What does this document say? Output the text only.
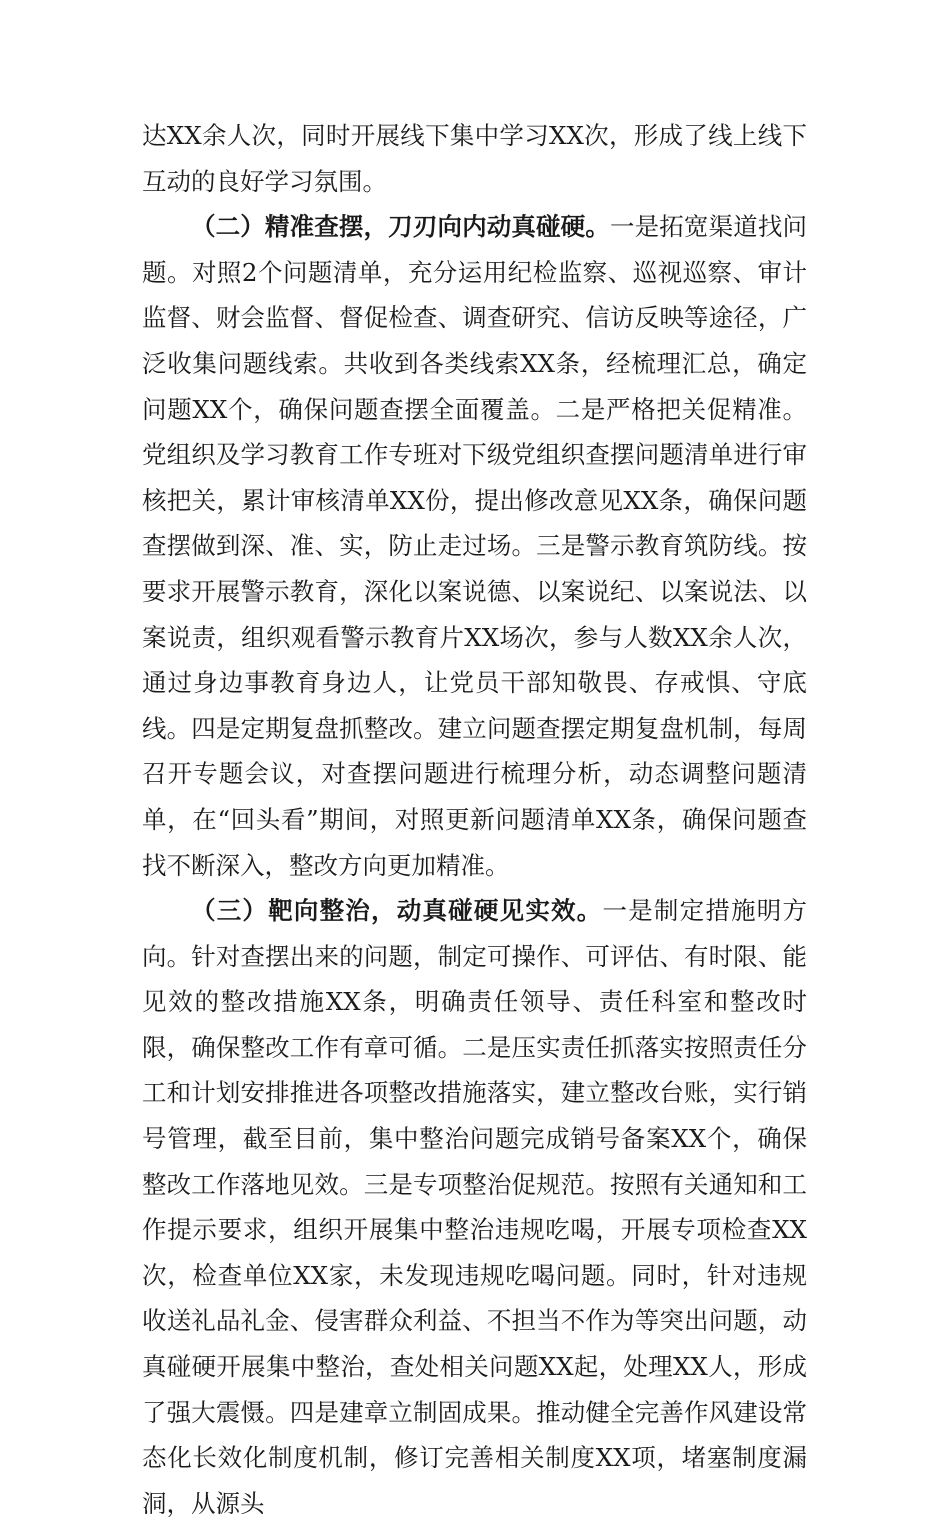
达XX余人次，同时开展线下集中学习XX次，形成了线上线下互动的良好学习氛围。

（二）精准查摆，刀刃向内动真碰硬。一是拓宽渠道找问题。对照2个问题清单，充分运用纪检监察、巡视巡察、审计监督、财会监督、督促检查、调查研究、信访反映等途径，广泛收集问题线索。共收到各类线索XX条，经梳理汇总，确定问题XX个，确保问题查摆全面覆盖。二是严格把关促精准。党组织及学习教育工作专班对下级党组织查摆问题清单进行审核把关，累计审核清单XX份，提出修改意见XX条，确保问题查摆做到深、准、实，防止走过场。三是警示教育筑防线。按要求开展警示教育，深化以案说德、以案说纪、以案说法、以案说责，组织观看警示教育片XX场次，参与人数XX余人次，通过身边事教育身边人，让党员干部知敬畏、存戒惧、守底线。四是定期复盘抓整改。建立问题查摆定期复盘机制，每周召开专题会议，对查摆问题进行梳理分析，动态调整问题清单，在“回头看”期间，对照更新问题清单XX条，确保问题查找不断深入，整改方向更加精准。

（三）靶向整治，动真碰硬见实效。一是制定措施明方向。针对查摆出来的问题，制定可操作、可评估、有时限、能见效的整改措施XX条，明确责任领导、责任科室和整改时限，确保整改工作有章可循。二是压实责任抓落实按照责任分工和计划安排推进各项整改措施落实，建立整改台账，实行销号管理，截至目前，集中整治问题完成销号备案XX个，确保整改工作落地见效。三是专项整治促规范。按照有关通知和工作提示要求，组织开展集中整治违规吃喝，开展专项检查XX次，检查单位XX家，未发现违规吃喝问题。同时，针对违规收送礼品礼金、侵害群众利益、不担当不作为等突出问题，动真碰硬开展集中整治，查处相关问题XX起，处理XX人，形成了强大震慑。四是建章立制固成果。推动健全完善作风建设常态化长效化制度机制，修订完善相关制度XX项，堵塞制度漏洞，从源头
